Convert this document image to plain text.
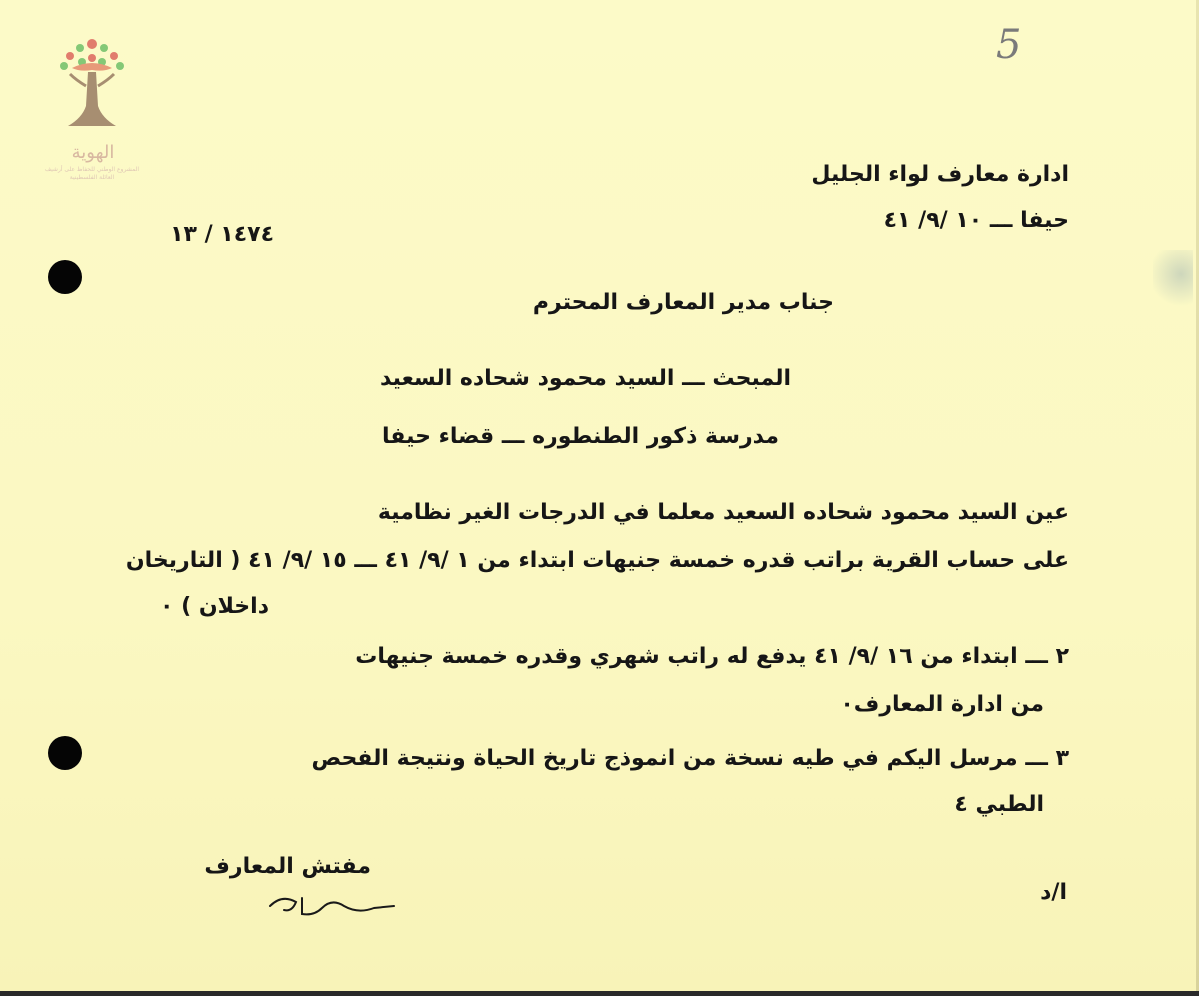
الهوية
المشروع الوطني للحفاظ على أرشيف العائلة الفلسطينية
5
ادارة معارف لواء الجليل
حيفا ـــ ١٠ /٩/ ٤١
١٤٧٤ / ١٣
جناب مدير المعارف المحترم
المبحث ـــ السيد محمود شحاده السعيد
مدرسة ذكور الطنطوره ـــ قضاء حيفا
عين السيد محمود شحاده السعيد معلما في الدرجات الغير نظامية
على حساب القرية براتب قدره خمسة جنيهات ابتداء من ١ /٩/ ٤١ ـــ ١٥ /٩/ ٤١ ( التاريخان
داخلان ) ٠
٢ ـــ ابتداء من ١٦ /٩/ ٤١ يدفع له راتب شهري وقدره خمسة جنيهات
من ادارة المعارف٠
٣ ـــ مرسل اليكم في طيه نسخة من انموذج تاريخ الحياة ونتيجة الفحص
الطبي ٤
مفتش المعارف
ا/د
